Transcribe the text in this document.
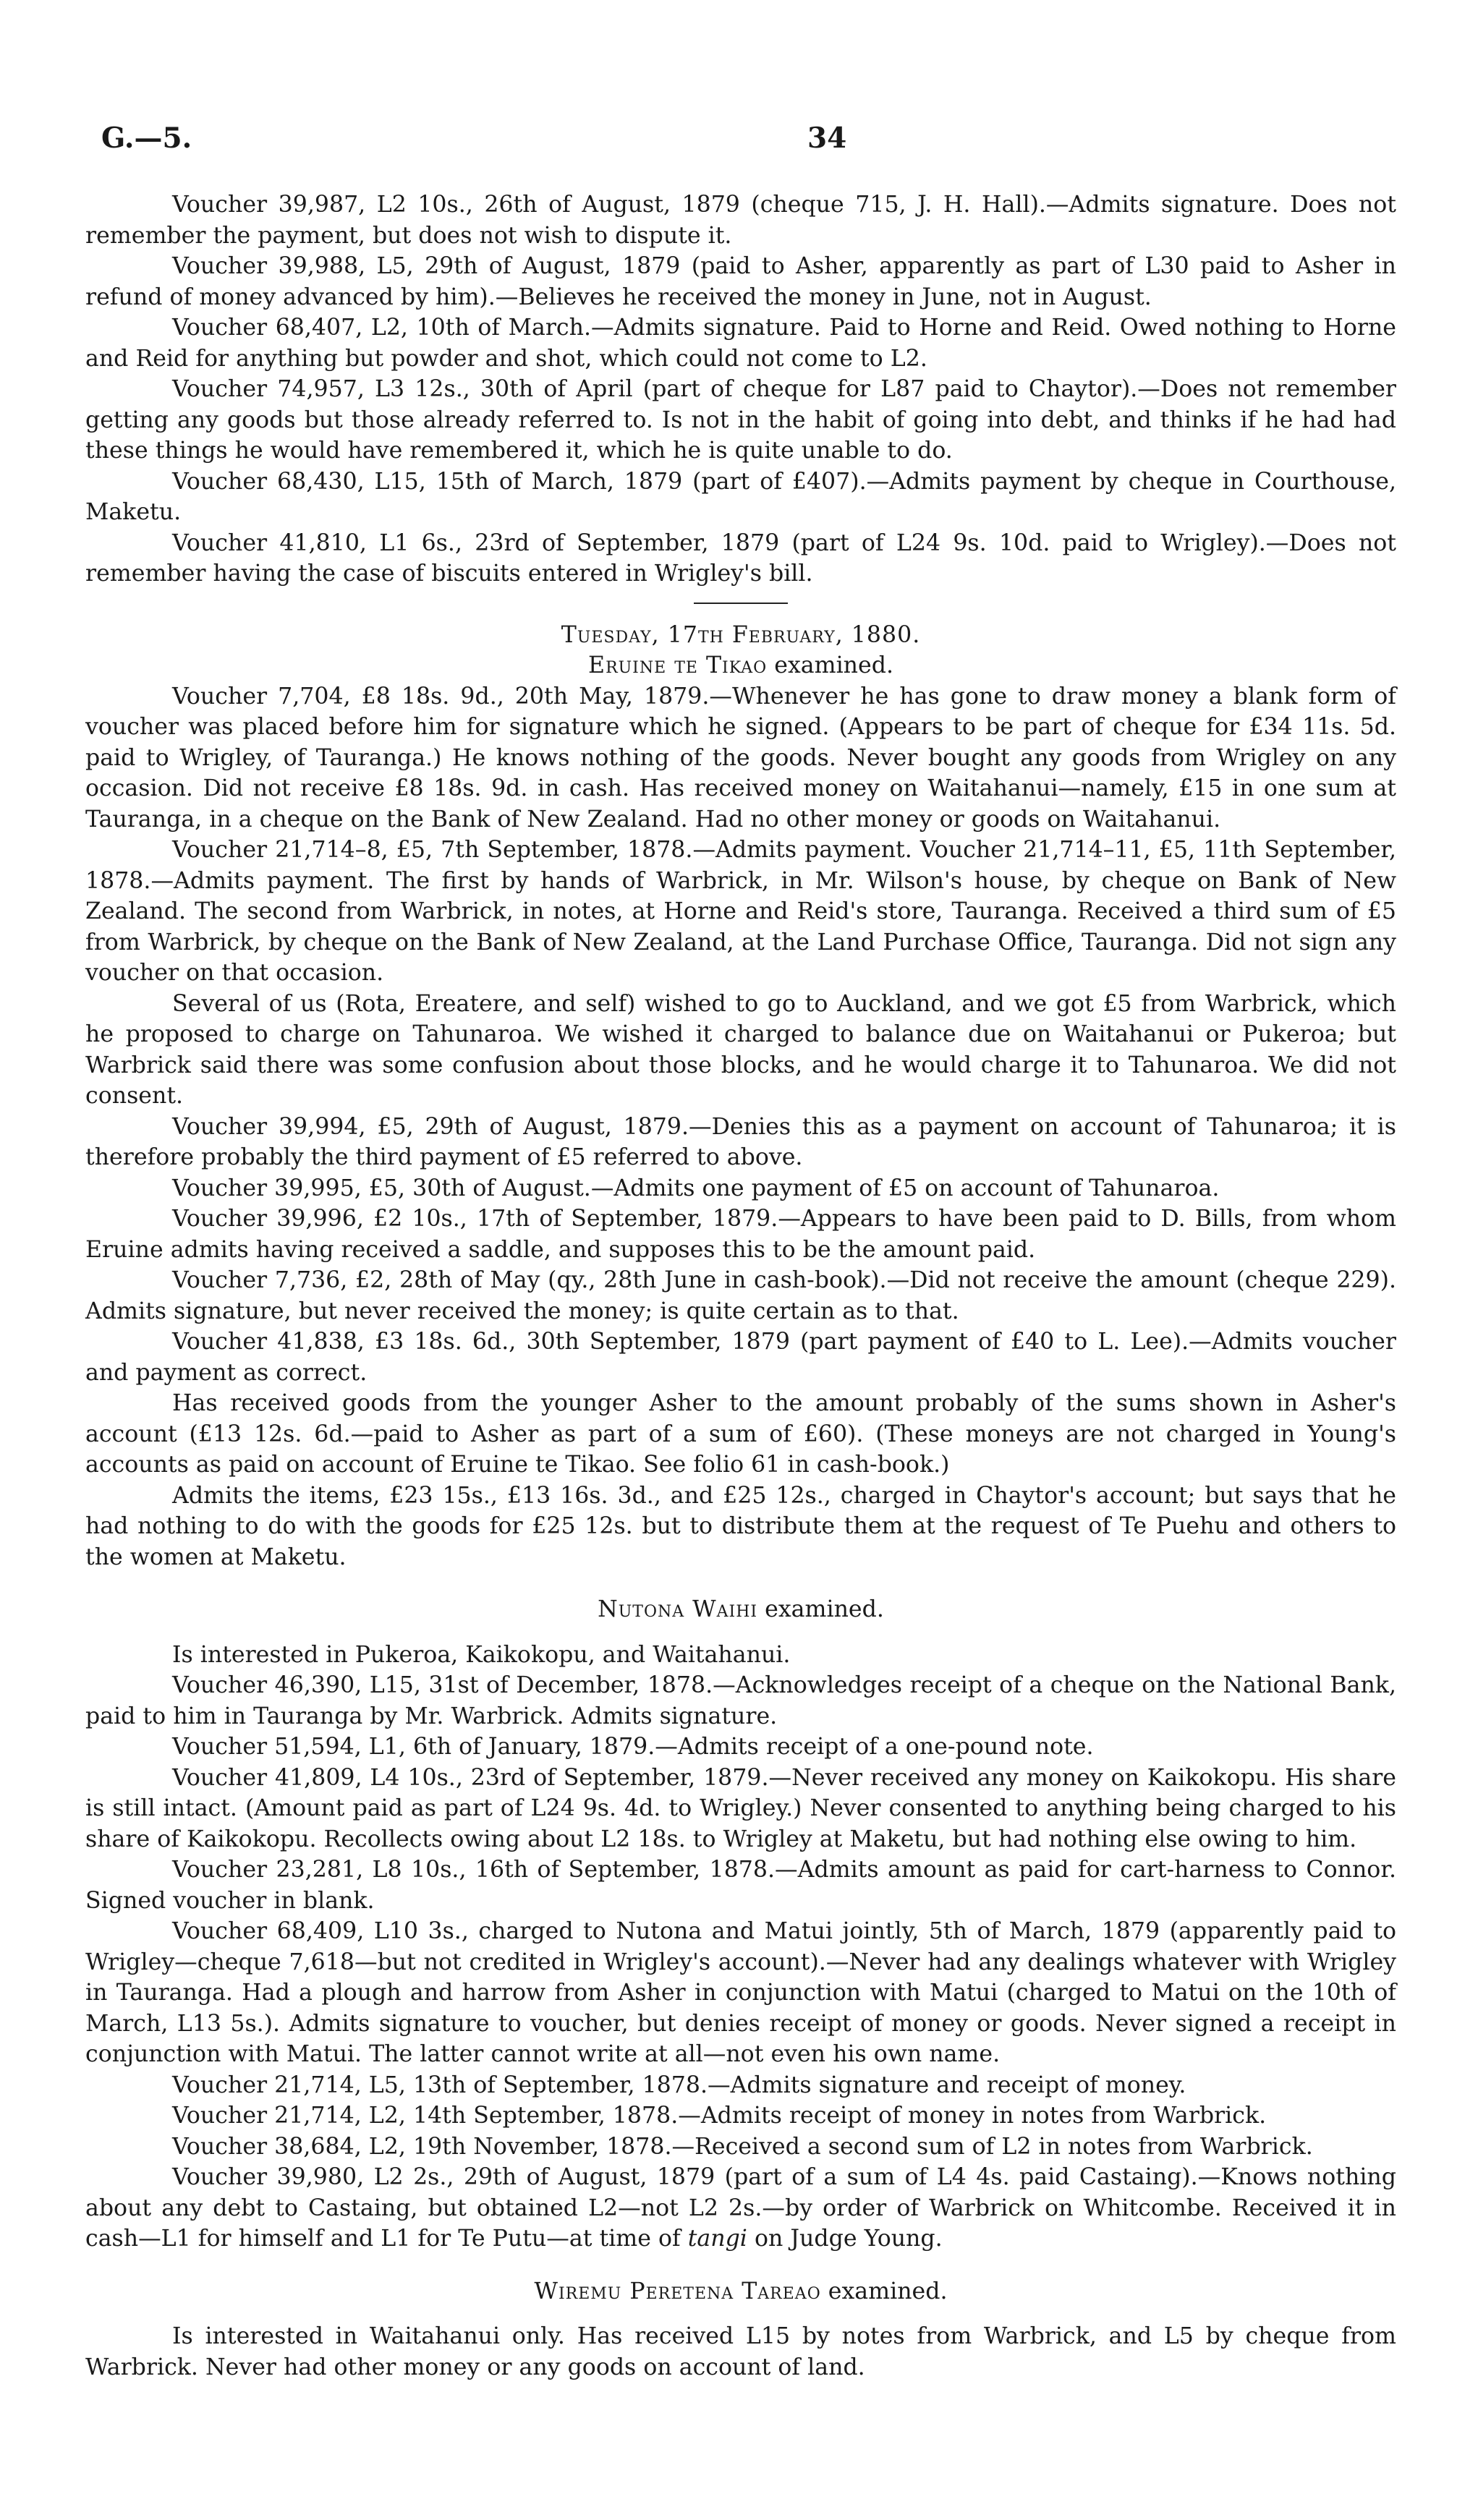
G.—5.	34

Voucher 39,987, L2 10s., 26th of August, 1879 (cheque 715, J. H. Hall).—Admits signature. Does not remember the payment, but does not wish to dispute it.

Voucher 39,988, L5, 29th of August, 1879 (paid to Asher, apparently as part of L30 paid to Asher in refund of money advanced by him).—Believes he received the money in June, not in August.

Voucher 68,407, L2, 10th of March.—Admits signature. Paid to Horne and Reid. Owed nothing to Horne and Reid for anything but powder and shot, which could not come to L2.

Voucher 74,957, L3 12s., 30th of April (part of cheque for L87 paid to Chaytor).—Does not remember getting any goods but those already referred to. Is not in the habit of going into debt, and thinks if he had had these things he would have remembered it, which he is quite unable to do.

Voucher 68,430, L15, 15th of March, 1879 (part of £407).—Admits payment by cheque in Courthouse, Maketu.

Voucher 41,810, L1 6s., 23rd of September, 1879 (part of L24 9s. 10d. paid to Wrigley).—Does not remember having the case of biscuits entered in Wrigley's bill.

Tuesday, 17th February, 1880.

Eruine te Tikao examined.

Voucher 7,704, £8 18s. 9d., 20th May, 1879.—Whenever he has gone to draw money a blank form of voucher was placed before him for signature which he signed. (Appears to be part of cheque for £34 11s. 5d. paid to Wrigley, of Tauranga.) He knows nothing of the goods. Never bought any goods from Wrigley on any occasion. Did not receive £8 18s. 9d. in cash. Has received money on Waitahanui—namely, £15 in one sum at Tauranga, in a cheque on the Bank of New Zealand. Had no other money or goods on Waitahanui.

Voucher 21,714–8, £5, 7th September, 1878.—Admits payment. Voucher 21,714–11, £5, 11th September, 1878.—Admits payment. The first by hands of Warbrick, in Mr. Wilson's house, by cheque on Bank of New Zealand. The second from Warbrick, in notes, at Horne and Reid's store, Tauranga. Received a third sum of £5 from Warbrick, by cheque on the Bank of New Zealand, at the Land Purchase Office, Tauranga. Did not sign any voucher on that occasion.

Several of us (Rota, Ereatere, and self) wished to go to Auckland, and we got £5 from Warbrick, which he proposed to charge on Tahunaroa. We wished it charged to balance due on Waitahanui or Pukeroa; but Warbrick said there was some confusion about those blocks, and he would charge it to Tahunaroa. We did not consent.

Voucher 39,994, £5, 29th of August, 1879.—Denies this as a payment on account of Tahunaroa; it is therefore probably the third payment of £5 referred to above.

Voucher 39,995, £5, 30th of August.—Admits one payment of £5 on account of Tahunaroa.

Voucher 39,996, £2 10s., 17th of September, 1879.—Appears to have been paid to D. Bills, from whom Eruine admits having received a saddle, and supposes this to be the amount paid.

Voucher 7,736, £2, 28th of May (qy., 28th June in cash-book).—Did not receive the amount (cheque 229). Admits signature, but never received the money; is quite certain as to that.

Voucher 41,838, £3 18s. 6d., 30th September, 1879 (part payment of £40 to L. Lee).—Admits voucher and payment as correct.

Has received goods from the younger Asher to the amount probably of the sums shown in Asher's account (£13 12s. 6d.—paid to Asher as part of a sum of £60). (These moneys are not charged in Young's accounts as paid on account of Eruine te Tikao. See folio 61 in cash-book.)

Admits the items, £23 15s., £13 16s. 3d., and £25 12s., charged in Chaytor's account; but says that he had nothing to do with the goods for £25 12s. but to distribute them at the request of Te Puehu and others to the women at Maketu.

Nutona Waihi examined.

Is interested in Pukeroa, Kaikokopu, and Waitahanui.

Voucher 46,390, L15, 31st of December, 1878.—Acknowledges receipt of a cheque on the National Bank, paid to him in Tauranga by Mr. Warbrick. Admits signature.

Voucher 51,594, L1, 6th of January, 1879.—Admits receipt of a one-pound note.

Voucher 41,809, L4 10s., 23rd of September, 1879.—Never received any money on Kaikokopu. His share is still intact. (Amount paid as part of L24 9s. 4d. to Wrigley.) Never consented to anything being charged to his share of Kaikokopu. Recollects owing about L2 18s. to Wrigley at Maketu, but had nothing else owing to him.

Voucher 23,281, L8 10s., 16th of September, 1878.—Admits amount as paid for cart-harness to Connor. Signed voucher in blank.

Voucher 68,409, L10 3s., charged to Nutona and Matui jointly, 5th of March, 1879 (apparently paid to Wrigley—cheque 7,618—but not credited in Wrigley's account).—Never had any dealings whatever with Wrigley in Tauranga. Had a plough and harrow from Asher in conjunction with Matui (charged to Matui on the 10th of March, L13 5s.). Admits signature to voucher, but denies receipt of money or goods. Never signed a receipt in conjunction with Matui. The latter cannot write at all—not even his own name.

Voucher 21,714, L5, 13th of September, 1878.—Admits signature and receipt of money.

Voucher 21,714, L2, 14th September, 1878.—Admits receipt of money in notes from Warbrick.

Voucher 38,684, L2, 19th November, 1878.—Received a second sum of L2 in notes from Warbrick.

Voucher 39,980, L2 2s., 29th of August, 1879 (part of a sum of L4 4s. paid Castaing).—Knows nothing about any debt to Castaing, but obtained L2—not L2 2s.—by order of Warbrick on Whitcombe. Received it in cash—L1 for himself and L1 for Te Putu—at time of tangi on Judge Young.

Wiremu Peretena Tareao examined.

Is interested in Waitahanui only. Has received L15 by notes from Warbrick, and L5 by cheque from Warbrick. Never had other money or any goods on account of land.
